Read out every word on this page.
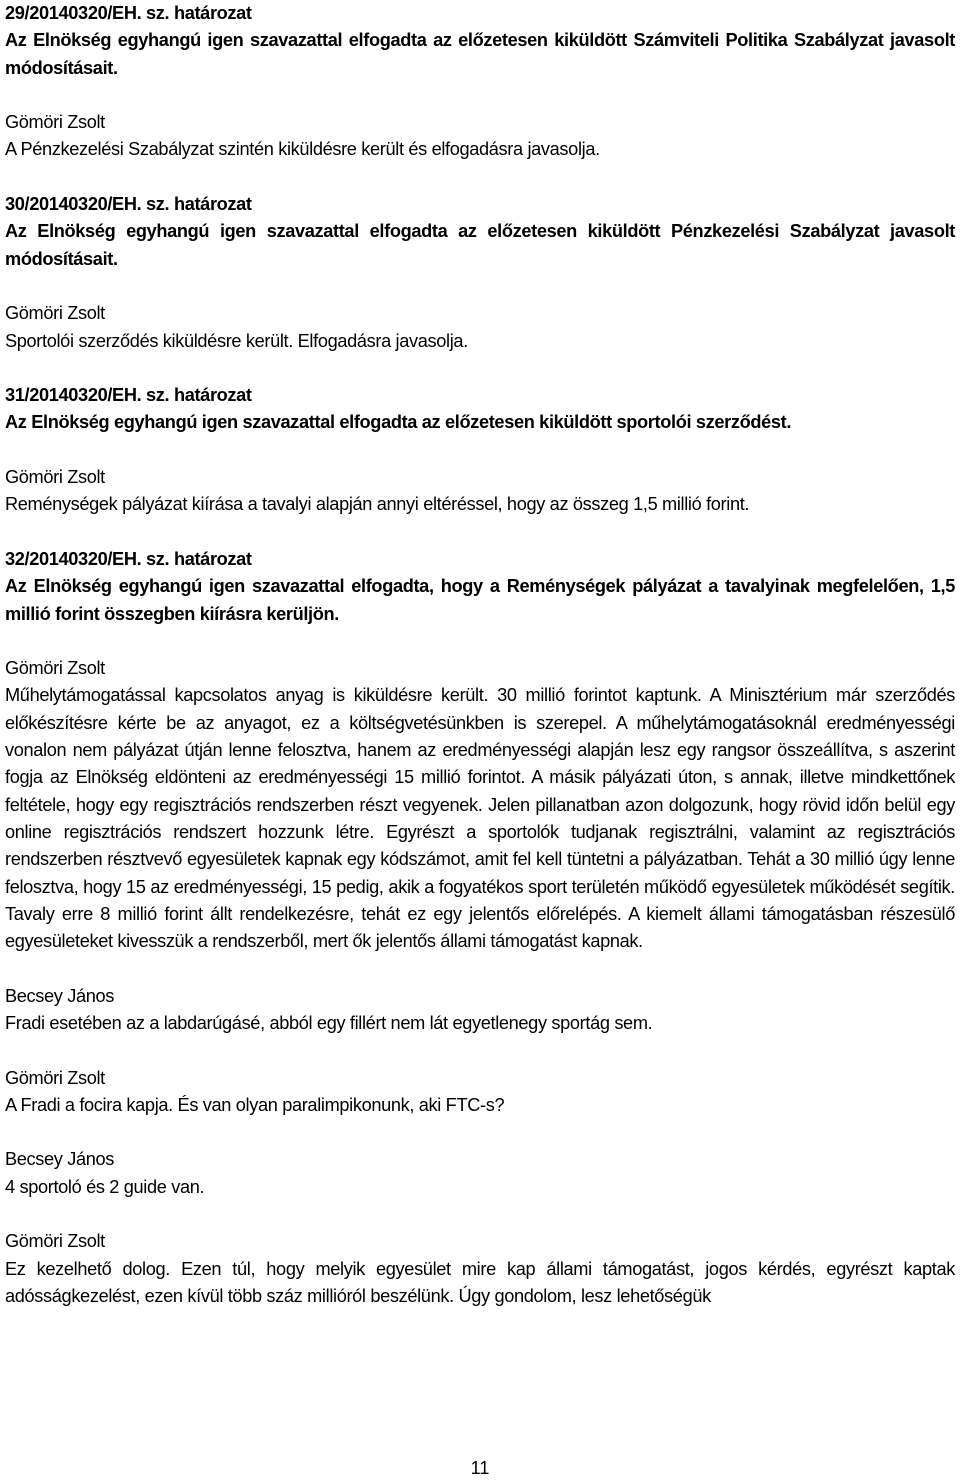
29/20140320/EH. sz. határozat

Az Elnökség egyhangú igen szavazattal elfogadta az előzetesen kiküldött Számviteli Politika Szabályzat javasolt módosításait.

Gömöri Zsolt

A Pénzkezelési Szabályzat szintén kiküldésre került és elfogadásra javasolja.

30/20140320/EH. sz. határozat

Az Elnökség egyhangú igen szavazattal elfogadta az előzetesen kiküldött Pénzkezelési Szabályzat javasolt módosításait.

Gömöri Zsolt

Sportolói szerződés kiküldésre került. Elfogadásra javasolja.

31/20140320/EH. sz. határozat

Az Elnökség egyhangú igen szavazattal elfogadta az előzetesen kiküldött sportolói szerződést.

Gömöri Zsolt

Reménységek pályázat kiírása a tavalyi alapján annyi eltéréssel, hogy az összeg 1,5 millió forint.

32/20140320/EH. sz. határozat

Az Elnökség egyhangú igen szavazattal elfogadta, hogy a Reménységek pályázat a tavalyinak megfelelően, 1,5 millió forint összegben kiírásra kerüljön.

Gömöri Zsolt

Műhelytámogatással kapcsolatos anyag is kiküldésre került. 30 millió forintot kaptunk. A Minisztérium már szerződés előkészítésre kérte be az anyagot, ez a költségvetésünkben is szerepel. A műhelytámogatásoknál eredményességi vonalon nem pályázat útján lenne felosztva, hanem az eredményességi alapján lesz egy rangsor összeállítva, s aszerint fogja az Elnökség eldönteni az eredményességi 15 millió forintot. A másik pályázati úton, s annak, illetve mindkettőnek feltétele, hogy egy regisztrációs rendszerben részt vegyenek. Jelen pillanatban azon dolgozunk, hogy rövid időn belül egy online regisztrációs rendszert hozzunk létre. Egyrészt a sportolók tudjanak regisztrálni, valamint az regisztrációs rendszerben résztvevő egyesületek kapnak egy kódszámot, amit fel kell tüntetni a pályázatban. Tehát a 30 millió úgy lenne felosztva, hogy 15 az eredményességi, 15 pedig, akik a fogyatékos sport területén működő egyesületek működését segítik. Tavaly erre 8 millió forint állt rendelkezésre, tehát ez egy jelentős előrelépés. A kiemelt állami támogatásban részesülő egyesületeket kivesszük a rendszerből, mert ők jelentős állami támogatást kapnak.

Becsey János

Fradi esetében az a labdarúgásé, abból egy fillért nem lát egyetlenegy sportág sem.

Gömöri Zsolt

A Fradi a focira kapja. És van olyan paralimpikonunk, aki FTC-s?

Becsey János

4 sportoló és 2 guide van.

Gömöri Zsolt

Ez kezelhető dolog. Ezen túl, hogy melyik egyesület mire kap állami támogatást, jogos kérdés, egyrészt kaptak adósságkezelést, ezen kívül több száz millióról beszélünk. Úgy gondolom, lesz lehetőségük

11
